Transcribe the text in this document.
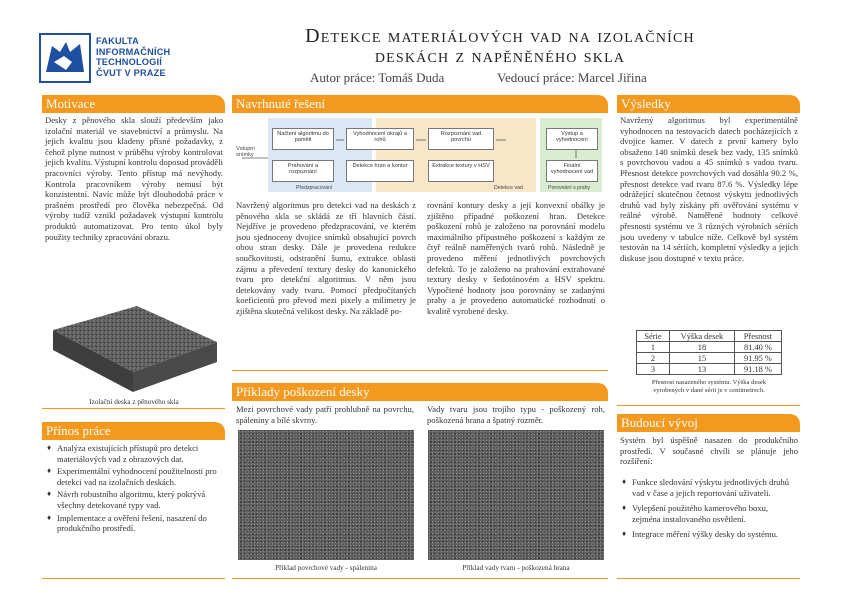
FAKULTA
INFORMAČNÍCH
TECHNOLOGIÍ
ČVUT V PRAZE
Detekce materiálových vad na izolačních
deskách z napěněného skla
Autor práce: Tomáš Duda	Vedoucí práce: Marcel Jiřina
Motivace
Desky z pěnového skla slouží především jako izolační materiál ve stavebnictví a průmyslu. Na jejich kvalitu jsou kladeny přísné požadavky, z čehož plyne nutnost v průběhu výroby kontrolovat jejich kvalitu. Výstupní kontrolu doposud prováděli pracovníci výroby. Tento přístup má nevýhody. Kontrola pracovníkem výroby nemusí být konzistentní. Navíc může být dlouhodobá práce v prašném prostředí pro člověka nebezpečná. Od výroby tudíž vznikl požadavek výstupní kontrolu produktů automatizovat. Pro tento úkol byly použity techniky zpracování obrazu.
Izolační deska z pěnového skla
Přínos práce
♦ Analýza existujících přístupů pro detekci materiálových vad z obrazových dat.
♦ Experimentální vyhodnocení použitelnosti pro detekci vad na izolačních deskách.
♦ Návrh robustního algoritmu, který pokrývá všechny detekované typy vad.
♦ Implementace a ověření řešení, nasazení do produkčního prostředí.
Navrhnuté řešení
Vstupní snímky
Načtení algoritmu do paměti
Vyhodnocení okrajů a rohů
Rozpoznání vad povrchu
Výstup a vyhodnocení
Prahování a rozpoznání
Detekce hran a kontur	Extrakce textury v HSV	Finální vyhodnocení vad
Předzpracování	Detekce vad	Porovnání s prahy
Navržený algoritmus pro detekci vad na deskách z pěnového skla se skládá ze tří hlavních částí. Nejdříve je provedeno předzpracování, ve kterém jsou sjednoceny dvojice snímků obsahující povrch obou stran desky. Dále je provedena redukce součkovitosti, odstranění šumu, extrakce oblasti zájmu a převedení textury desky do kanonického tvaru pro detekční algoritmus. V něm jsou detekovány vady tvaru. Pomocí předpočítaných koeficientů pro převod mezi pixely a milimetry je zjištěna skutečná velikost desky. Na základě po-
rovnání kontury desky a její konvexní obálky je zjištěno případné poškození hran. Detekce poškození rohů je založeno na porovnání modelu maximálního přípustného poškození s každým ze čtyř reálně naměřených tvarů rohů. Následně je provedeno měření jednotlivých povrchových defektů. To je založeno na prahování extrahované textury desky v šedotónovém a HSV spektru. Vypočtené hodnoty jsou porovnány se zadanými prahy a je provedeno automatické rozhodnutí o kvalitě vyrobené desky.
Příklady poškození desky
Mezi povrchové vady patří prohlubně na povrchu, spáleniny a bílé skvrny.
Vady tvaru jsou trojího typu - poškozený roh, poškozená hrana a špatný rozměr.
Příklad povrchové vady - spálenina	Příklad vady tvaru - poškozená hrana
Výsledky
Navržený algoritmus byl experimentálně vyhodnocen na testovacích datech pocházejících z dvojice kamer. V datech z první kamery bylo obsaženo 140 snímků desek bez vady, 135 snímků s povrchovou vadou a 45 snímků s vadou tvaru. Přesnost detekce povrchových vad dosáhla 90.2 %, přesnost detekce vad tvaru 87.6 %. Výsledky lépe odrážející skutečnou četnost výskytu jednotlivých druhů vad byly získány při ověřování systému v reálné výrobě. Naměřené hodnoty celkové přesnosti systému ve 3 různých výrobních sériích jsou uvedeny v tabulce níže. Celkově byl systém testován na 14 sériích, kompletní výsledky a jejich diskuse jsou dostupné v textu práce.
Série	Výška desek	Přesnost
1	18	81.40 %
2	15	91.95 %
3	13	91.18 %
Přesnost nasazeného systému. Výška desek
vyrobených v dané sérii je v centimetrech.
Budoucí vývoj
Systém byl úspěšně nasazen do produkčního prostředí. V současné chvíli se plánuje jeho rozšíření:
♦ Funkce sledování výskytu jednotlivých druhů vad v čase a jejich reportování uživateli.
♦ Vylepšení použitého kamerového boxu, zejména instalovaného osvětlení.
♦ Integrace měření výšky desky do systému.
